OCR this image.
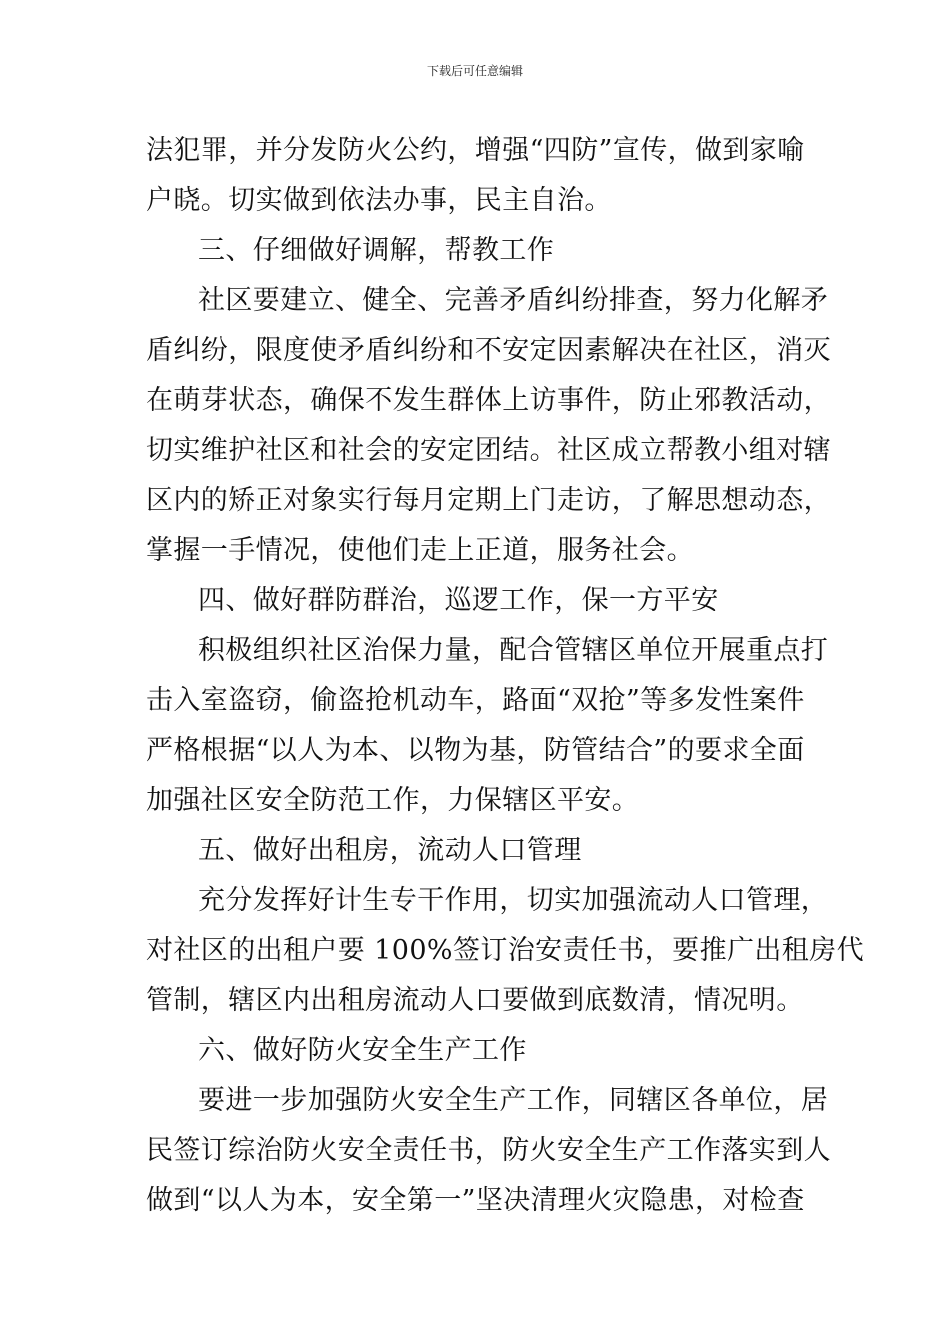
下载后可任意编辑
法犯罪，并分发防火公约，增强“四防”宣传，做到家喻
户晓。切实做到依法办事，民主自治。
三、仔细做好调解，帮教工作
社区要建立、健全、完善矛盾纠纷排查，努力化解矛
盾纠纷，限度使矛盾纠纷和不安定因素解决在社区，消灭
在萌芽状态，确保不发生群体上访事件，防止邪教活动，
切实维护社区和社会的安定团结。社区成立帮教小组对辖
区内的矫正对象实行每月定期上门走访，了解思想动态，
掌握一手情况，使他们走上正道，服务社会。
四、做好群防群治，巡逻工作，保一方平安
积极组织社区治保力量，配合管辖区单位开展重点打
击入室盗窃，偷盗抢机动车，路面“双抢”等多发性案件
严格根据“以人为本、以物为基，防管结合”的要求全面
加强社区安全防范工作，力保辖区平安。
五、做好出租房，流动人口管理
充分发挥好计生专干作用，切实加强流动人口管理，
对社区的出租户要 100%签订治安责任书，要推广出租房代
管制，辖区内出租房流动人口要做到底数清，情况明。
六、做好防火安全生产工作
要进一步加强防火安全生产工作，同辖区各单位，居
民签订综治防火安全责任书，防火安全生产工作落实到人
做到“以人为本，安全第一”坚决清理火灾隐患，对检查
